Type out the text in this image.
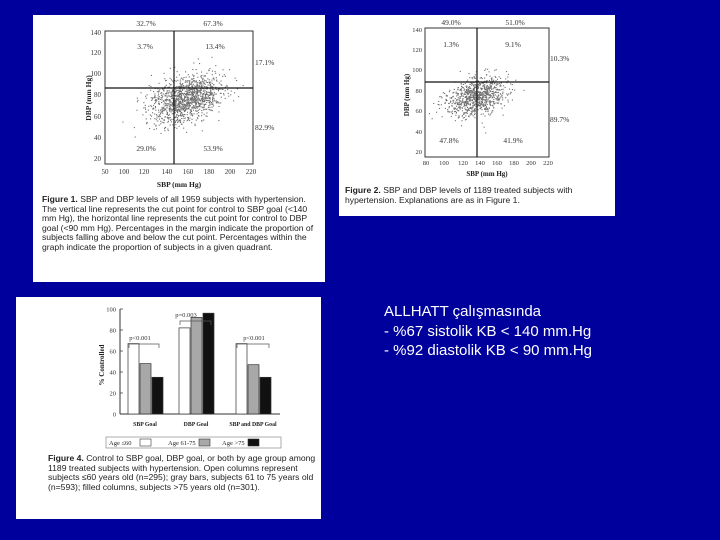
140
120
100
80
60
40
20
50 100 120 140 160 180 200 220
32.7%	67.3%
3.7%	13.4%
17.1%
82.9%
29.0%	53.9%
SBP (mm Hg)
DBP (mm Hg)
Figure 1. SBP and DBP levels of all 1959 subjects with hypertension. The vertical line represents the cut point for control to SBP goal (<140 mm Hg), the horizontal line represents the cut point for control to DBP goal (<90 mm Hg). Percentages in the margin indicate the proportion of subjects falling above and below the cut point. Percentages within the graph indicate the proportion of subjects in a given quadrant.
140
120
100
80
60
40
20
80 100 120 140 160 180 200 220
49.0%	51.0%
1.3%	9.1%
10.3%
89.7%
47.8%	41.9%
SBP (mm Hg)
DBP (mm Hg)
Figure 2. SBP and DBP levels of 1189 treated subjects with hypertension. Explanations are as in Figure 1.
100
80
60
40
20
0
SBP Goal	DBP Goal	SBP and DBP Goal
p<0.001
p=0.003
p<0.001
% Controlled
Age ≤60	Age 61-75	Age >75
Figure 4. Control to SBP goal, DBP goal, or both by age group among 1189 treated subjects with hypertension. Open columns represent subjects ≤60 years old (n=295); gray bars, subjects 61 to 75 years old (n=593); filled columns, subjects >75 years old (n=301).
ALLHATT çalışmasında
- %67 sistolik KB < 140 mm.Hg
- %92 diastolik KB < 90 mm.Hg
